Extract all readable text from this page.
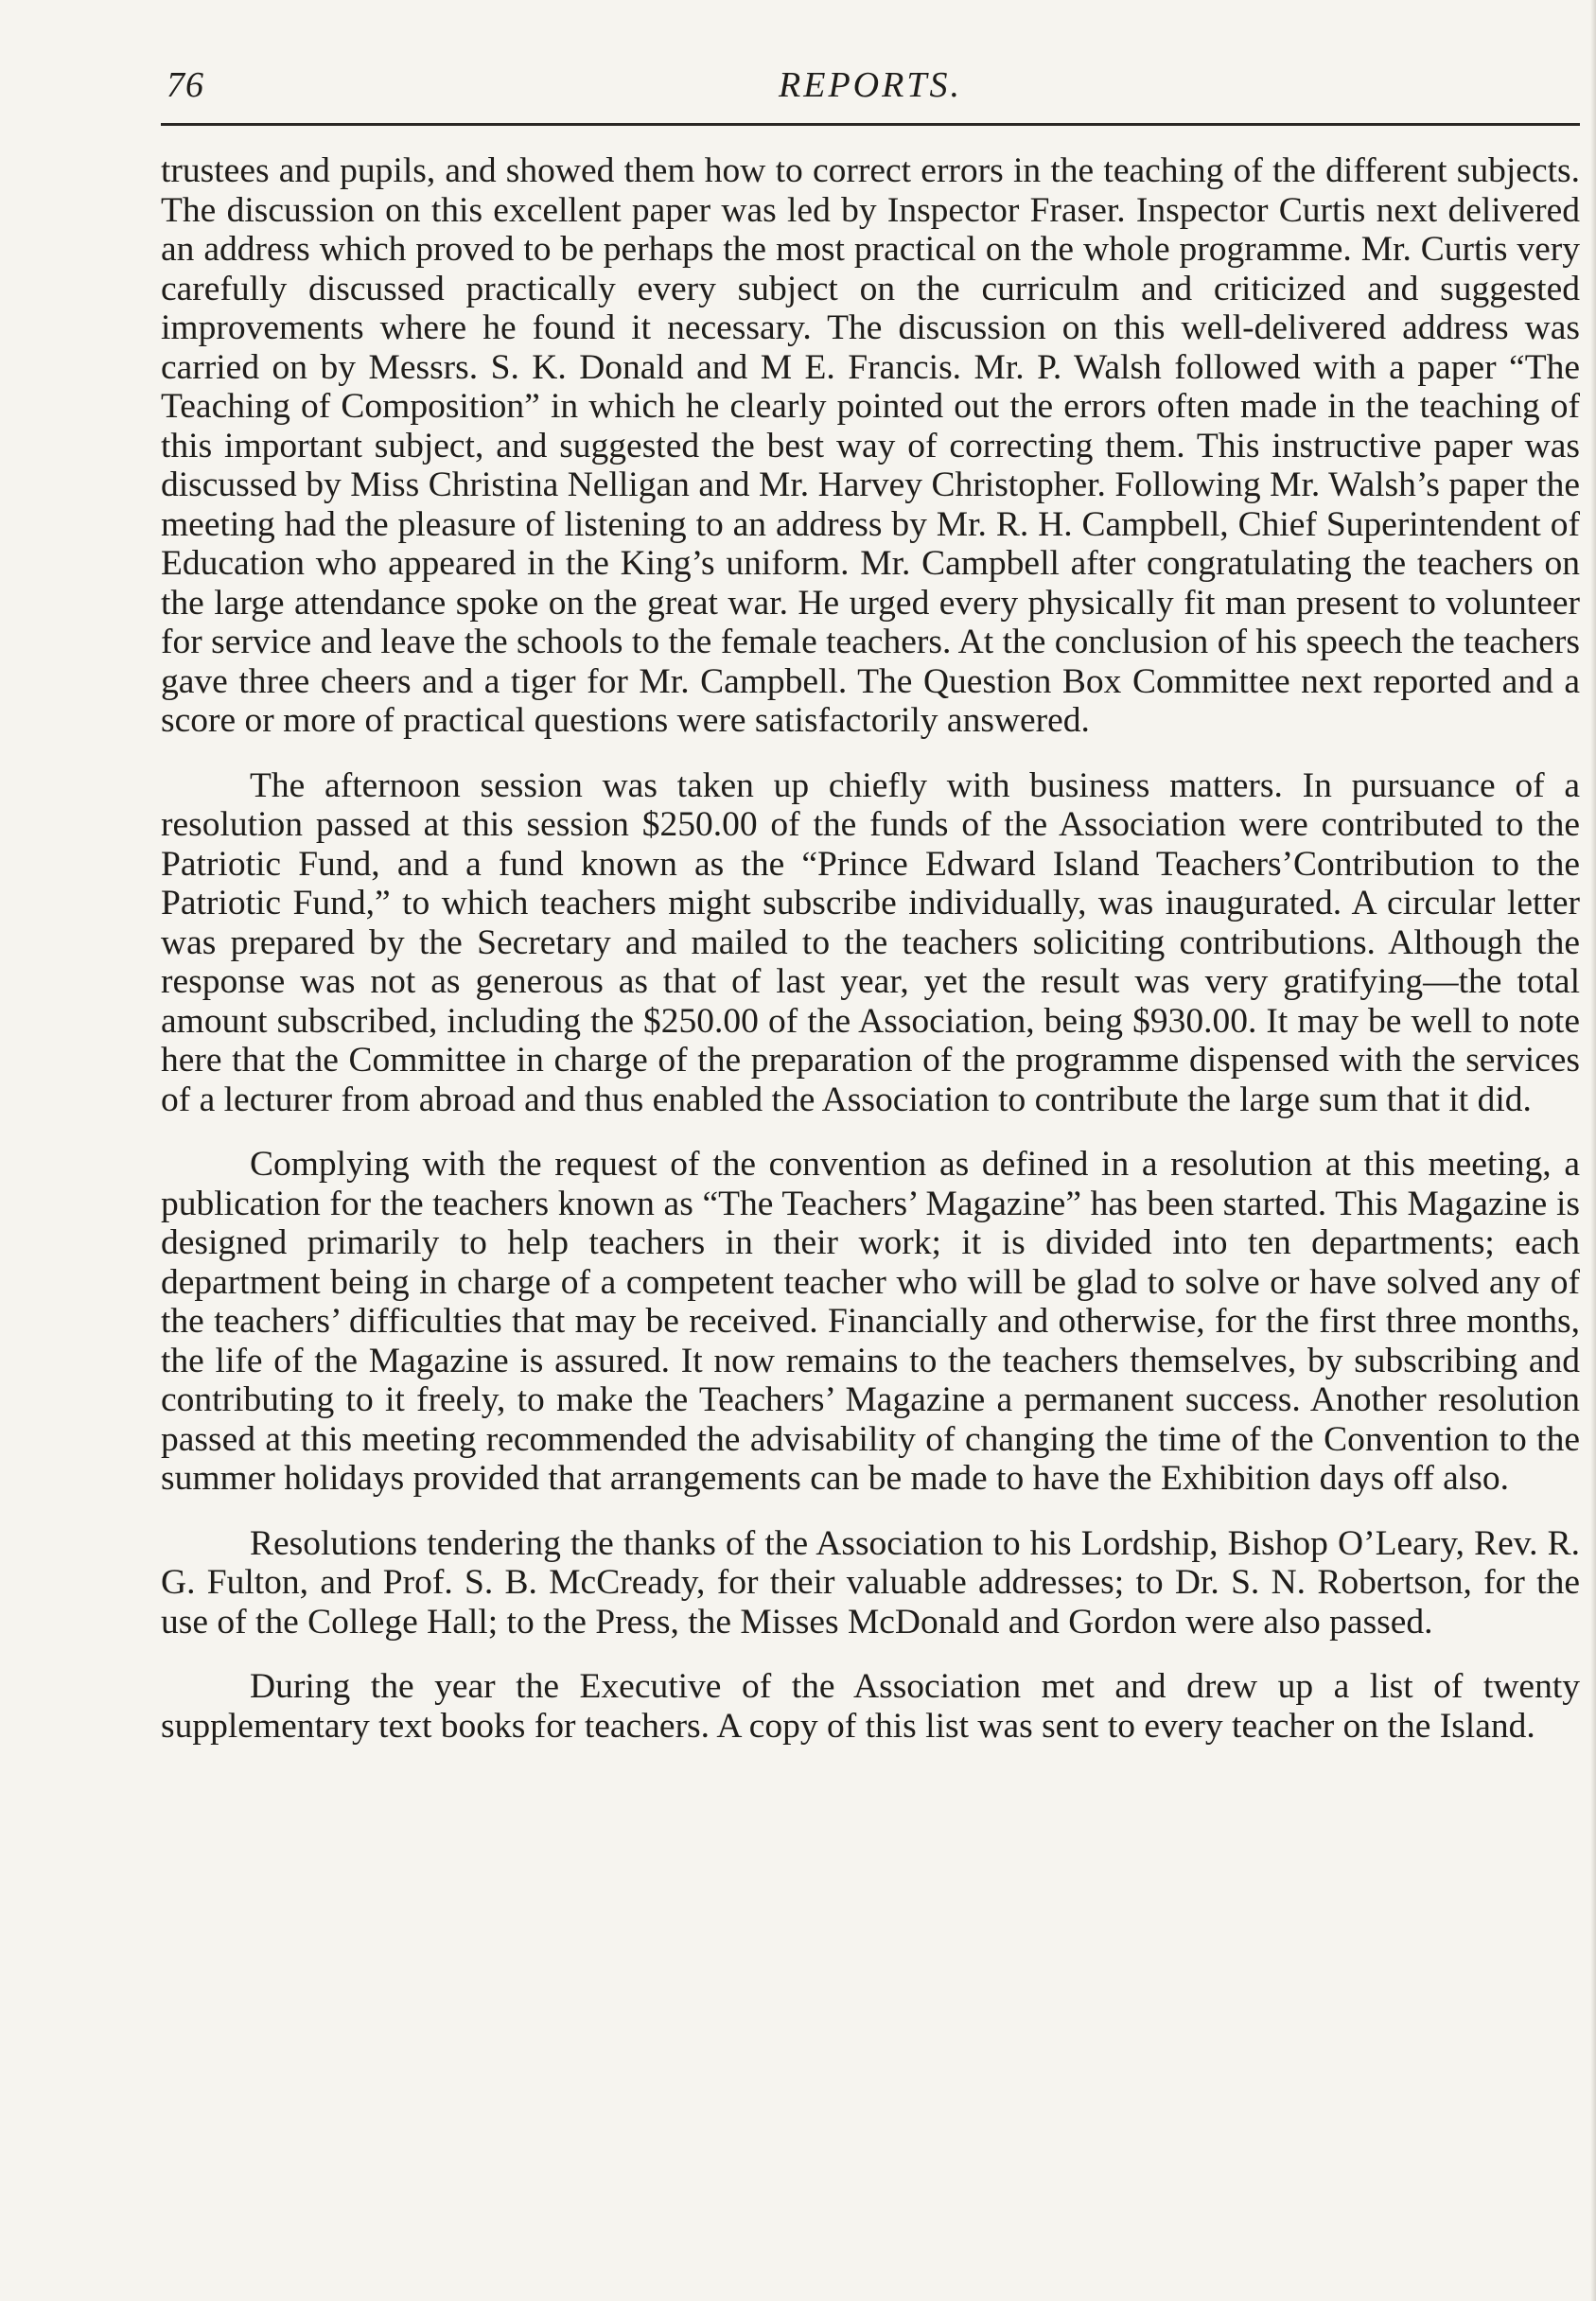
76	REPORTS.

trustees and pupils, and showed them how to correct errors in the teaching of the different subjects. The discussion on this excellent paper was led by Inspector Fraser. Inspector Curtis next delivered an address which proved to be perhaps the most practical on the whole programme. Mr. Curtis very carefully discussed practically every subject on the curriculm and criticized and suggested improvements where he found it necessary. The discussion on this well-delivered address was carried on by Messrs. S. K. Donald and M E. Francis. Mr. P. Walsh followed with a paper “The Teaching of Composition” in which he clearly pointed out the errors often made in the teaching of this important subject, and suggested the best way of correcting them. This instructive paper was discussed by Miss Christina Nelligan and Mr. Harvey Christopher. Following Mr. Walsh’s paper the meeting had the pleasure of listening to an address by Mr. R. H. Campbell, Chief Superintendent of Education who appeared in the King’s uniform. Mr. Campbell after congratulating the teachers on the large attendance spoke on the great war. He urged every physically fit man present to volunteer for service and leave the schools to the female teachers. At the conclusion of his speech the teachers gave three cheers and a tiger for Mr. Campbell. The Question Box Committee next reported and a score or more of practical questions were satisfactorily answered.

The afternoon session was taken up chiefly with business matters. In pursuance of a resolution passed at this session $250.00 of the funds of the Association were contributed to the Patriotic Fund, and a fund known as the “Prince Edward Island Teachers’Contribution to the Patriotic Fund,” to which teachers might subscribe individually, was inaugurated. A circular letter was prepared by the Secretary and mailed to the teachers soliciting contributions. Although the response was not as generous as that of last year, yet the result was very gratifying—the total amount subscribed, including the $250.00 of the Association, being $930.00. It may be well to note here that the Committee in charge of the preparation of the programme dispensed with the services of a lecturer from abroad and thus enabled the Association to contribute the large sum that it did.

Complying with the request of the convention as defined in a resolution at this meeting, a publication for the teachers known as “The Teachers’ Magazine” has been started. This Magazine is designed primarily to help teachers in their work; it is divided into ten departments; each department being in charge of a competent teacher who will be glad to solve or have solved any of the teachers’ difficulties that may be received. Financially and otherwise, for the first three months, the life of the Magazine is assured. It now remains to the teachers themselves, by subscribing and contributing to it freely, to make the Teachers’ Magazine a permanent success. Another resolution passed at this meeting recommended the advisability of changing the time of the Convention to the summer holidays provided that arrangements can be made to have the Exhibition days off also.

Resolutions tendering the thanks of the Association to his Lordship, Bishop O’Leary, Rev. R. G. Fulton, and Prof. S. B. McCready, for their valuable addresses; to Dr. S. N. Robertson, for the use of the College Hall; to the Press, the Misses McDonald and Gordon were also passed.

During the year the Executive of the Association met and drew up a list of twenty supplementary text books for teachers. A copy of this list was sent to every teacher on the Island.
